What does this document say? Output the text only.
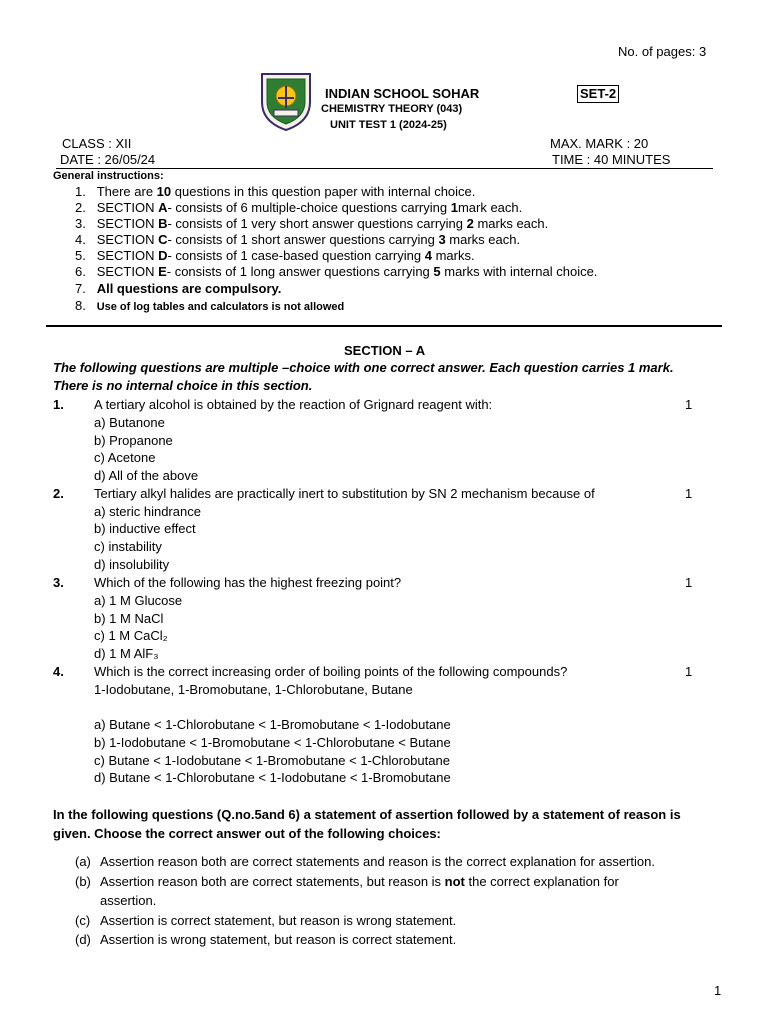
No. of pages: 3
INDIAN SCHOOL SOHAR
CHEMISTRY THEORY (043)
UNIT TEST 1 (2024-25)
SET-2
CLASS : XII	MAX. MARK : 20
DATE : 26/05/24	TIME : 40 MINUTES
General instructions:
1. There are 10 questions in this question paper with internal choice.
2. SECTION A- consists of 6 multiple-choice questions carrying 1mark each.
3. SECTION B- consists of 1 very short answer questions carrying 2 marks each.
4. SECTION C- consists of 1 short answer questions carrying 3 marks each.
5. SECTION D- consists of 1 case-based question carrying 4 marks.
6. SECTION E- consists of 1 long answer questions carrying 5 marks with internal choice.
7. All questions are compulsory.
8. Use of log tables and calculators is not allowed
SECTION – A
The following questions are multiple –choice with one correct answer. Each question carries 1 mark.
There is no internal choice in this section.
1. A tertiary alcohol is obtained by the reaction of Grignard reagent with:	1
a) Butanone
b) Propanone
c) Acetone
d) All of the above
2. Tertiary alkyl halides are practically inert to substitution by SN 2 mechanism because of	1
a) steric hindrance
b) inductive effect
c) instability
d) insolubility
3. Which of the following has the highest freezing point?	1
a) 1 M Glucose
b) 1 M NaCl
c) 1 M CaCl₂
d) 1 M AlF₃
4. Which is the correct increasing order of boiling points of the following compounds?	1
1-Iodobutane, 1-Bromobutane, 1-Chlorobutane, Butane
a) Butane < 1-Chlorobutane < 1-Bromobutane < 1-Iodobutane
b) 1-Iodobutane < 1-Bromobutane < 1-Chlorobutane < Butane
c) Butane < 1-Iodobutane < 1-Bromobutane < 1-Chlorobutane
d) Butane < 1-Chlorobutane < 1-Iodobutane < 1-Bromobutane
In the following questions (Q.no.5and 6) a statement of assertion followed by a statement of reason is
given. Choose the correct answer out of the following choices:
(a) Assertion reason both are correct statements and reason is the correct explanation for assertion.
(b) Assertion reason both are correct statements, but reason is not the correct explanation for
assertion.
(c) Assertion is correct statement, but reason is wrong statement.
(d) Assertion is wrong statement, but reason is correct statement.
1
